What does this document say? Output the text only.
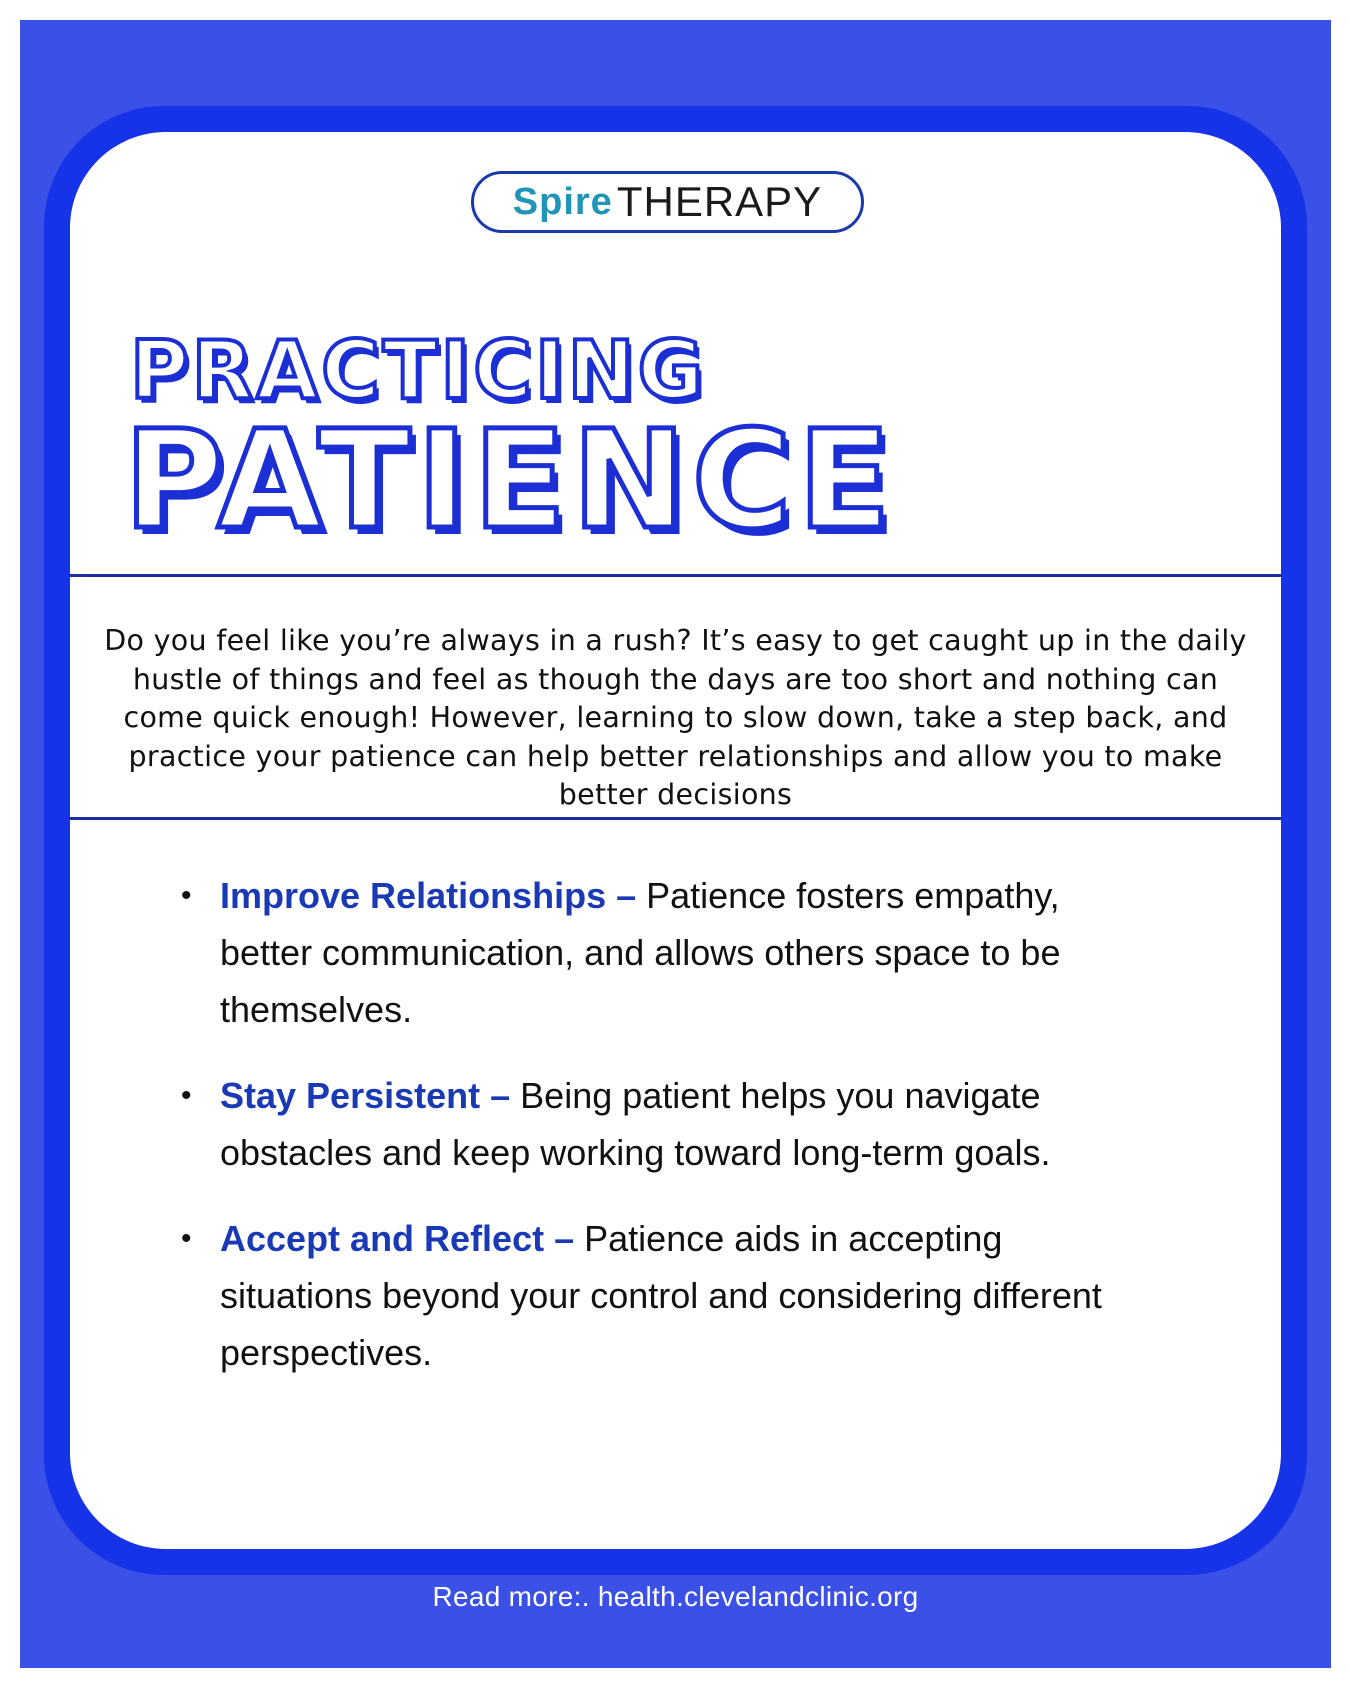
Spire THERAPY
PRACTICING
PATIENCE
Do you feel like you’re always in a rush? It’s easy to get caught up in the daily hustle of things and feel as though the days are too short and nothing can come quick enough! However, learning to slow down, take a step back, and practice your patience can help better relationships and allow you to make better decisions
• Improve Relationships – Patience fosters empathy, better communication, and allows others space to be themselves.
• Stay Persistent – Being patient helps you navigate obstacles and keep working toward long-term goals.
• Accept and Reflect – Patience aids in accepting situations beyond your control and considering different perspectives.
Read more:. health.clevelandclinic.org
